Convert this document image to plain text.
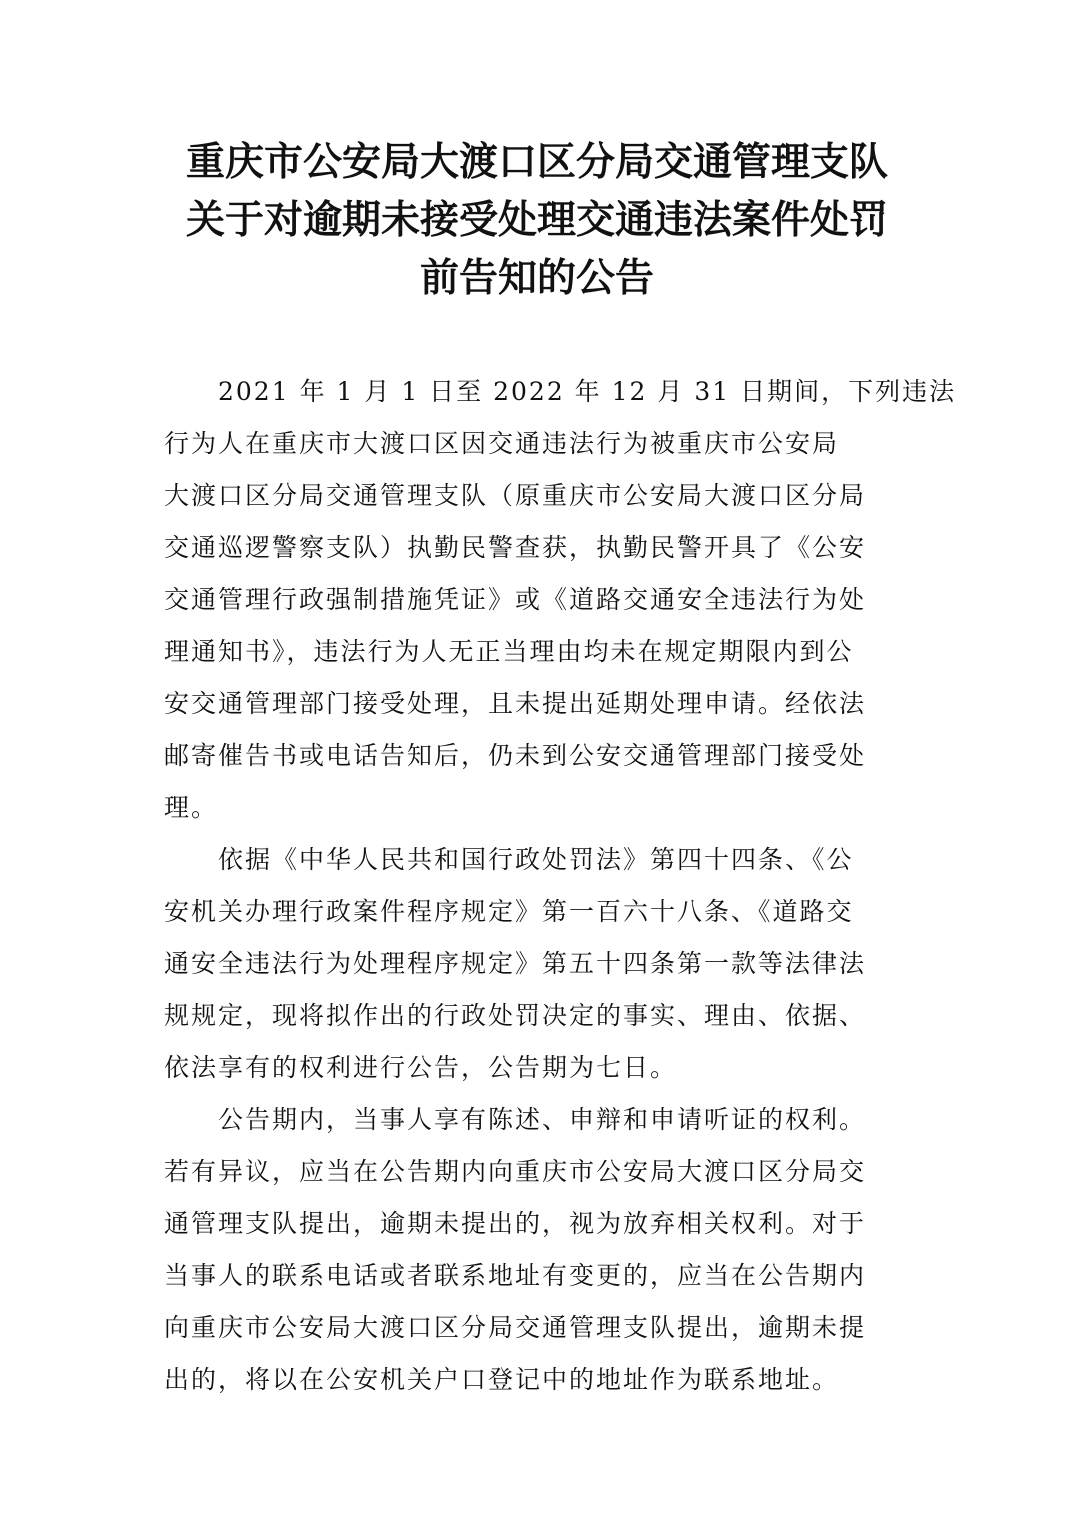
重庆市公安局大渡口区分局交通管理支队
关于对逾期未接受处理交通违法案件处罚
前告知的公告
2021 年 1 月 1 日至 2022 年 12 月 31 日期间，下列违法
行为人在重庆市大渡口区因交通违法行为被重庆市公安局
大渡口区分局交通管理支队（原重庆市公安局大渡口区分局
交通巡逻警察支队）执勤民警查获，执勤民警开具了《公安
交通管理行政强制措施凭证》或《道路交通安全违法行为处
理通知书》，违法行为人无正当理由均未在规定期限内到公
安交通管理部门接受处理，且未提出延期处理申请。经依法
邮寄催告书或电话告知后，仍未到公安交通管理部门接受处
理。
依据《中华人民共和国行政处罚法》第四十四条、《公
安机关办理行政案件程序规定》第一百六十八条、《道路交
通安全违法行为处理程序规定》第五十四条第一款等法律法
规规定，现将拟作出的行政处罚决定的事实、理由、依据、
依法享有的权利进行公告，公告期为七日。
公告期内，当事人享有陈述、申辩和申请听证的权利。
若有异议，应当在公告期内向重庆市公安局大渡口区分局交
通管理支队提出，逾期未提出的，视为放弃相关权利。对于
当事人的联系电话或者联系地址有变更的，应当在公告期内
向重庆市公安局大渡口区分局交通管理支队提出，逾期未提
出的，将以在公安机关户口登记中的地址作为联系地址。
